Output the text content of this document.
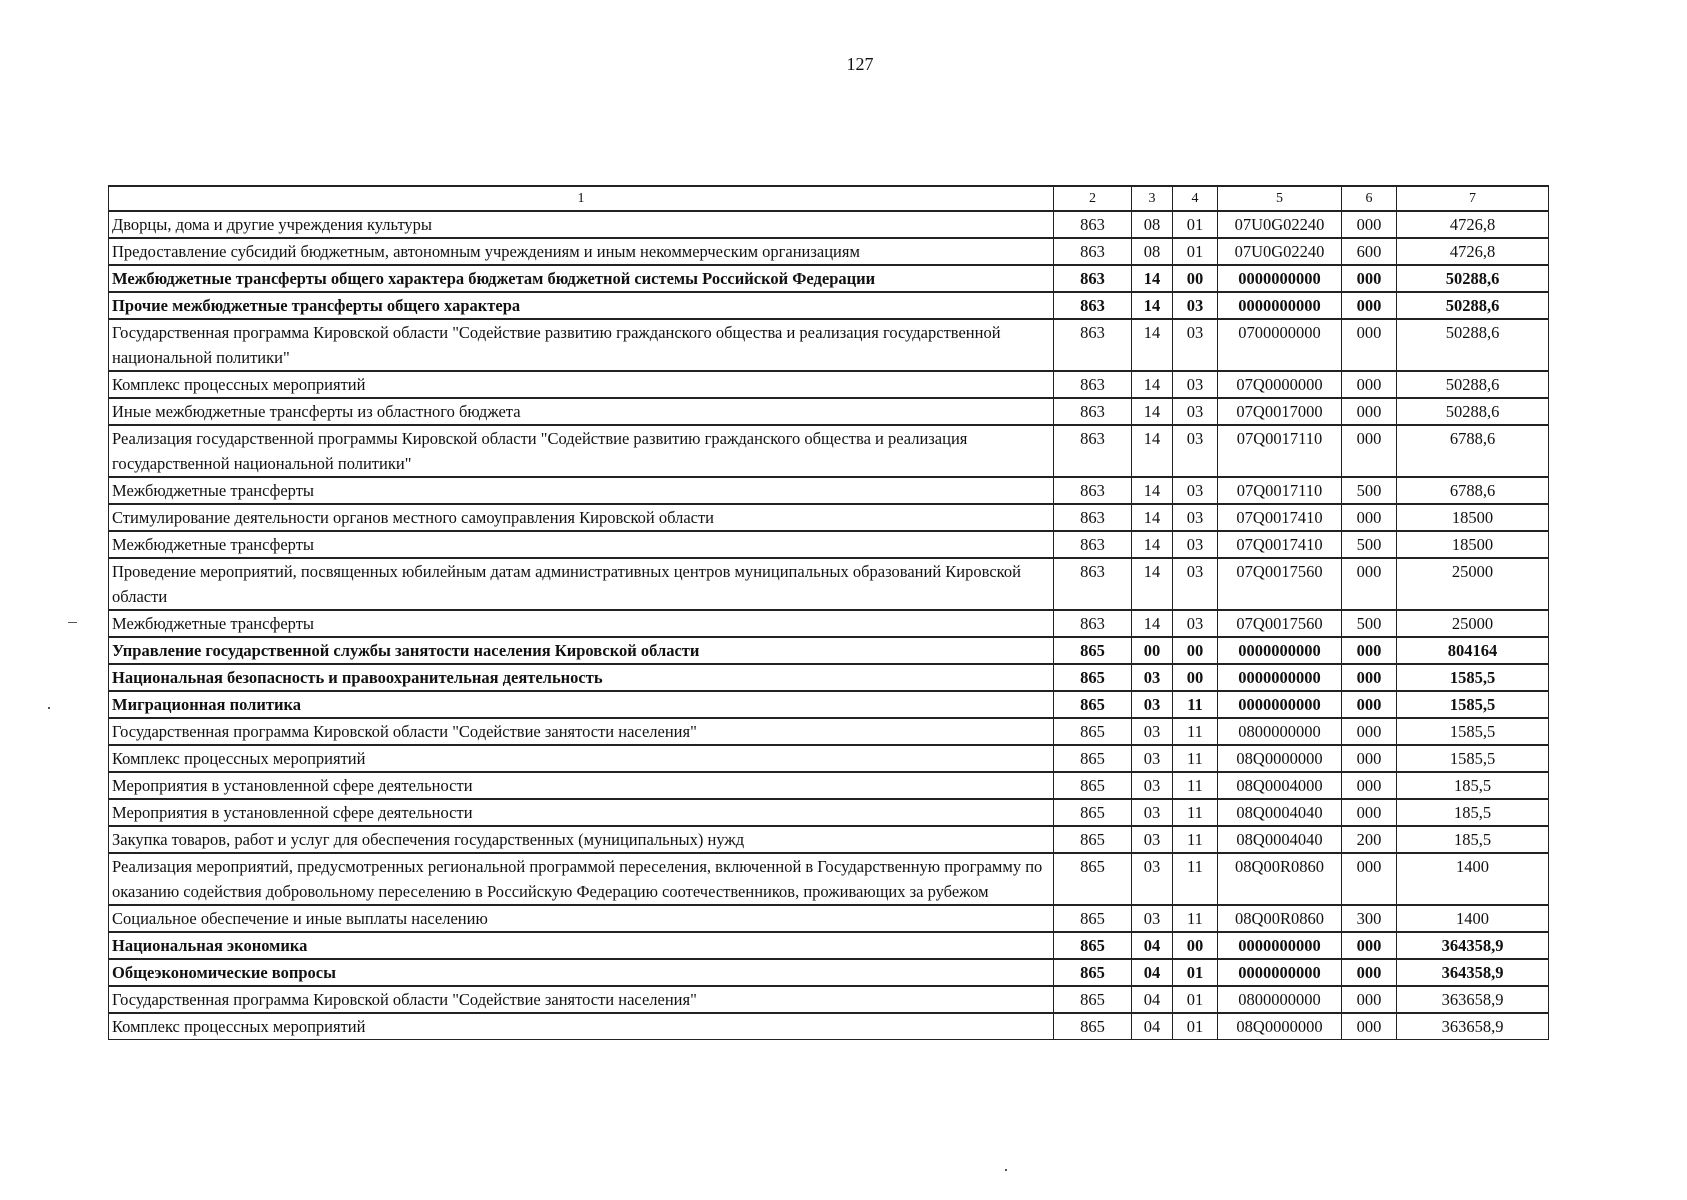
127
1	2	3	4	5	6	7
Дворцы, дома и другие учреждения культуры	863	08	01	07U0G02240	000	4726,8
Предоставление субсидий бюджетным, автономным учреждениям и иным некоммерческим организациям	863	08	01	07U0G02240	600	4726,8
Межбюджетные трансферты общего характера бюджетам бюджетной системы Российской Федерации	863	14	00	0000000000	000	50288,6
Прочие межбюджетные трансферты общего характера	863	14	03	0000000000	000	50288,6
Государственная программа Кировской области "Содействие развитию гражданского общества и реализация государственной национальной политики"	863	14	03	0700000000	000	50288,6
Комплекс процессных мероприятий	863	14	03	07Q0000000	000	50288,6
Иные межбюджетные трансферты из областного бюджета	863	14	03	07Q0017000	000	50288,6
Реализация государственной программы Кировской области "Содействие развитию гражданского общества и реализация государственной национальной политики"	863	14	03	07Q0017110	000	6788,6
Межбюджетные трансферты	863	14	03	07Q0017110	500	6788,6
Стимулирование деятельности органов местного самоуправления Кировской области	863	14	03	07Q0017410	000	18500
Межбюджетные трансферты	863	14	03	07Q0017410	500	18500
Проведение мероприятий, посвященных юбилейным датам административных центров муниципальных образований Кировской области	863	14	03	07Q0017560	000	25000
Межбюджетные трансферты	863	14	03	07Q0017560	500	25000
Управление государственной службы занятости населения Кировской области	865	00	00	0000000000	000	804164
Национальная безопасность и правоохранительная деятельность	865	03	00	0000000000	000	1585,5
Миграционная политика	865	03	11	0000000000	000	1585,5
Государственная программа Кировской области "Содействие занятости населения"	865	03	11	0800000000	000	1585,5
Комплекс процессных мероприятий	865	03	11	08Q0000000	000	1585,5
Мероприятия в установленной сфере деятельности	865	03	11	08Q0004000	000	185,5
Мероприятия в установленной сфере деятельности	865	03	11	08Q0004040	000	185,5
Закупка товаров, работ и услуг для обеспечения государственных (муниципальных) нужд	865	03	11	08Q0004040	200	185,5
Реализация мероприятий, предусмотренных региональной программой переселения, включенной в Государственную программу по оказанию содействия добровольному переселению в Российскую Федерацию соотечественников, проживающих за рубежом	865	03	11	08Q00R0860	000	1400
Социальное обеспечение и иные выплаты населению	865	03	11	08Q00R0860	300	1400
Национальная экономика	865	04	00	0000000000	000	364358,9
Общеэкономические вопросы	865	04	01	0000000000	000	364358,9
Государственная программа Кировской области "Содействие занятости населения"	865	04	01	0800000000	000	363658,9
Комплекс процессных мероприятий	865	04	01	08Q0000000	000	363658,9
